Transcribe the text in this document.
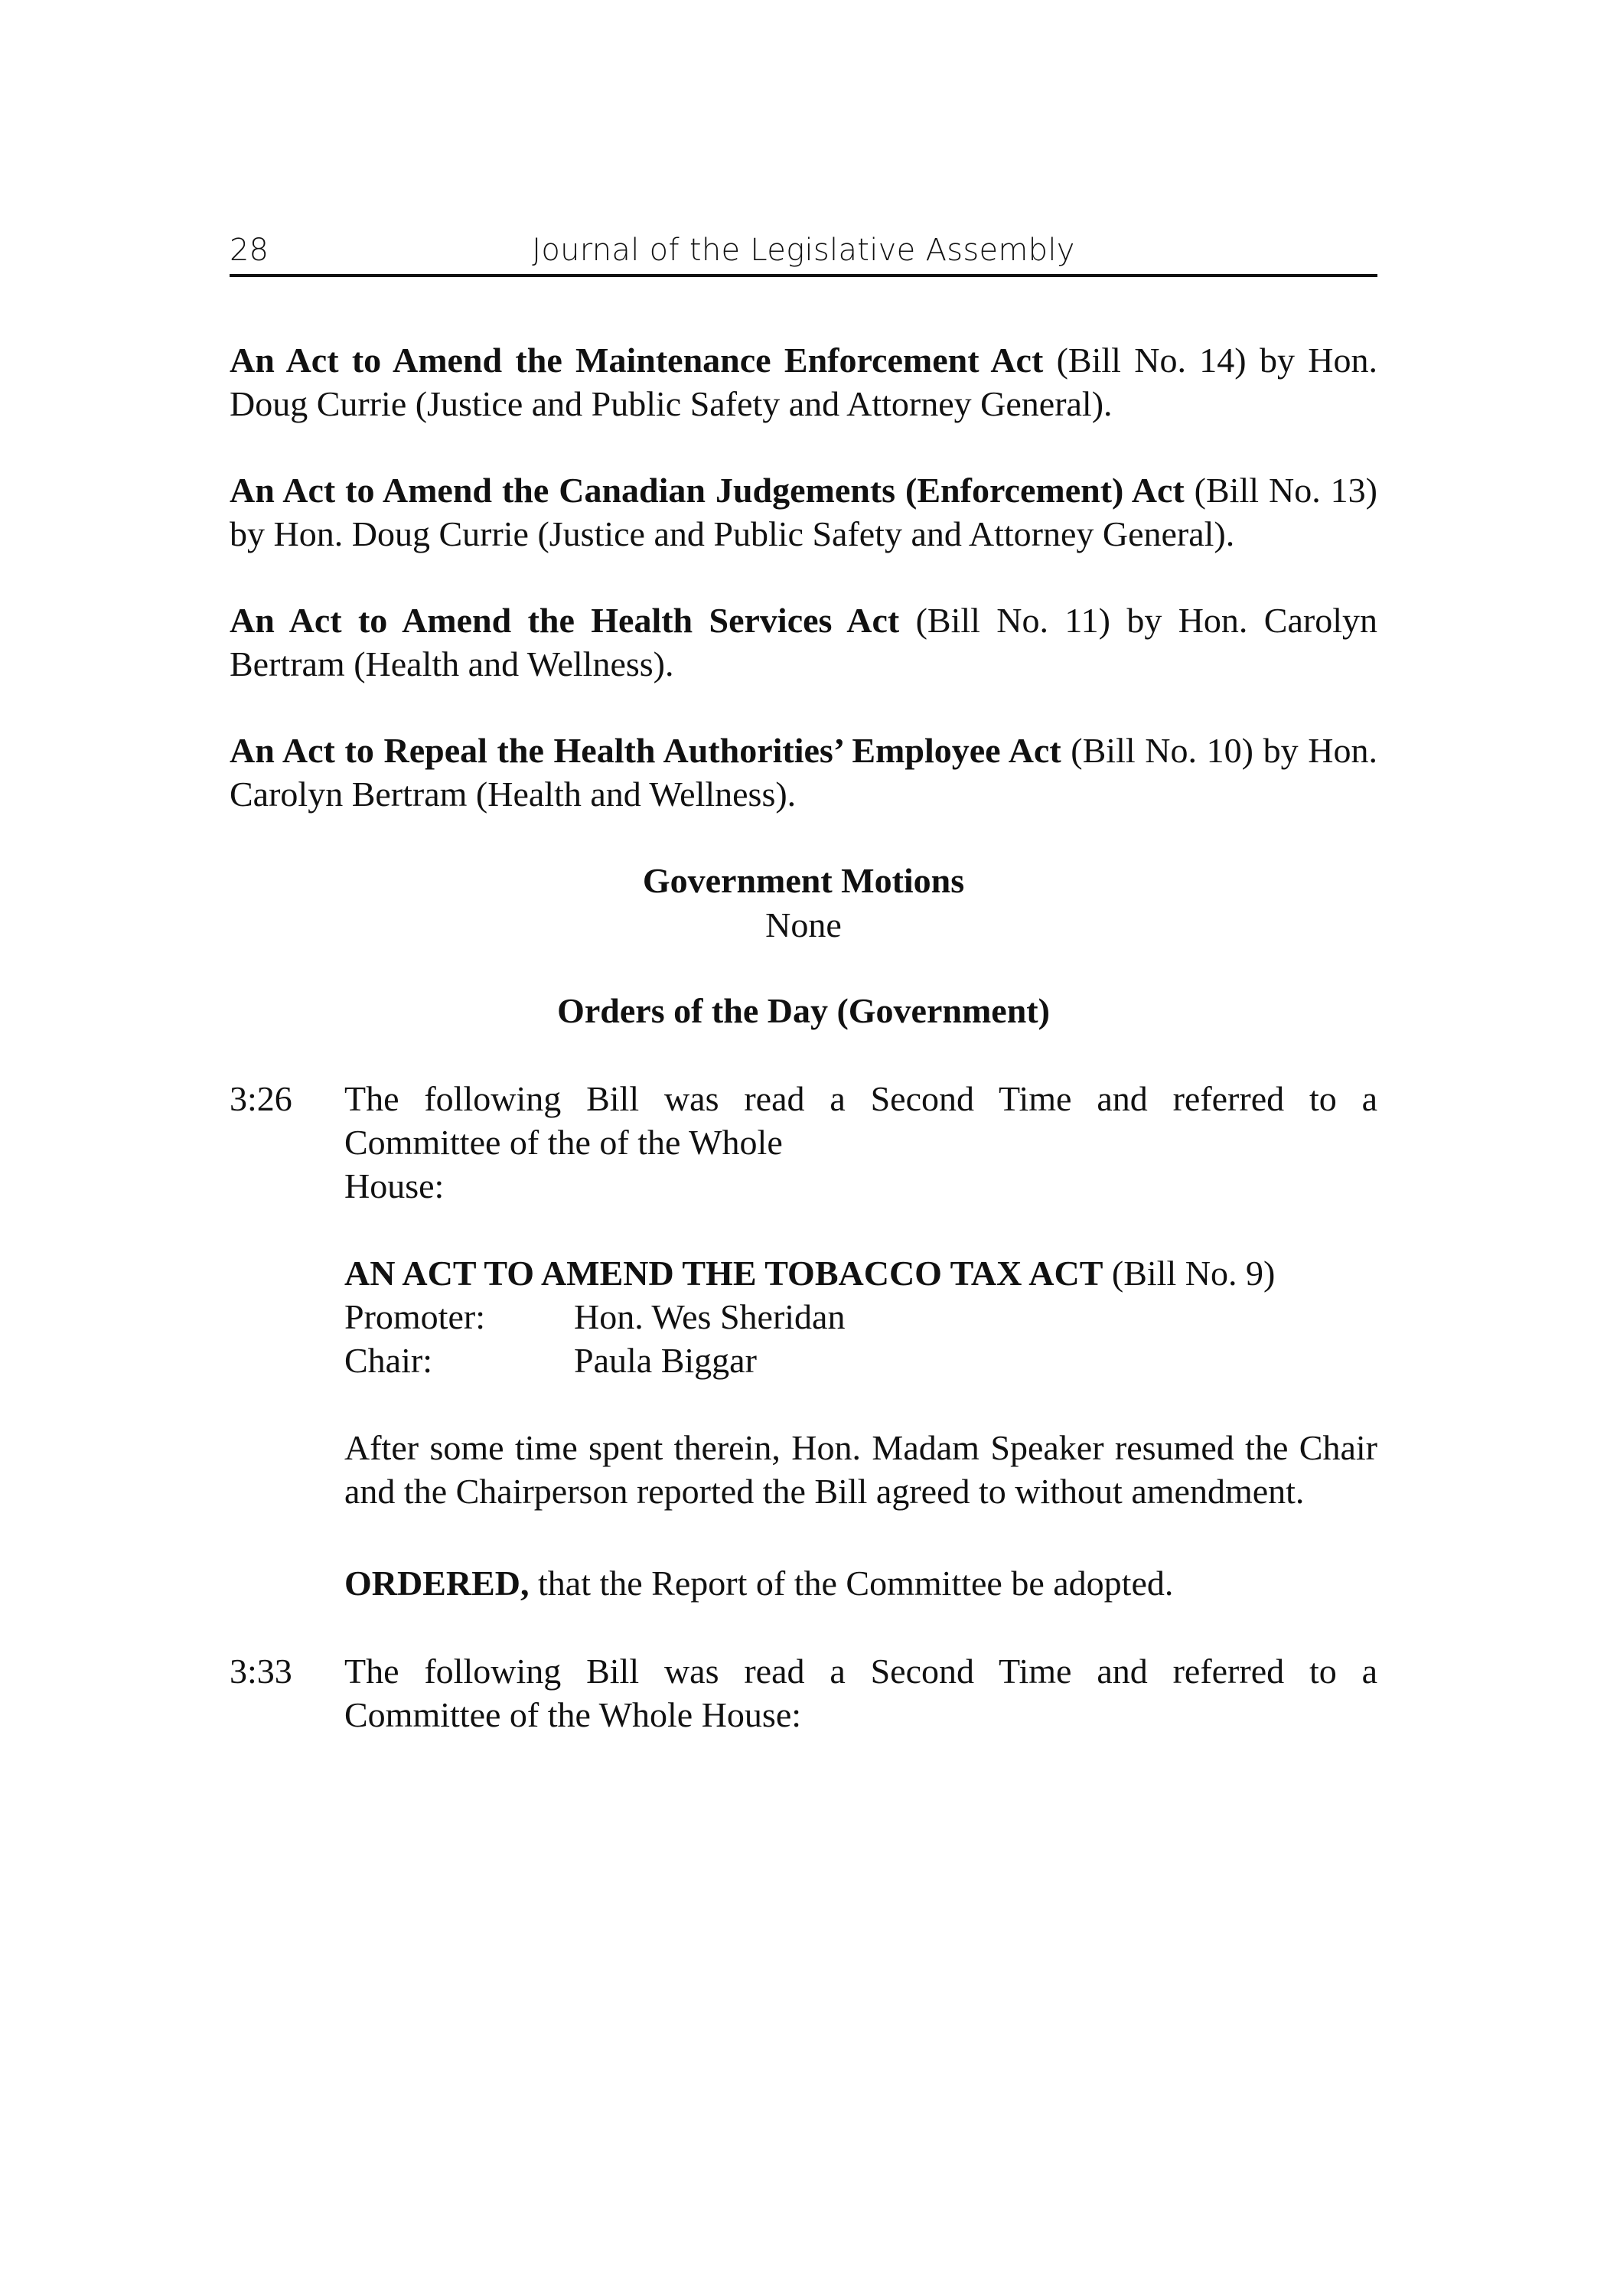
28	Journal of the Legislative Assembly

An Act to Amend the Maintenance Enforcement Act (Bill No. 14) by Hon. Doug Currie (Justice and Public Safety and Attorney General).

An Act to Amend the Canadian Judgements (Enforcement) Act (Bill No. 13) by Hon. Doug Currie (Justice and Public Safety and Attorney General).

An Act to Amend the Health Services Act (Bill No. 11) by Hon. Carolyn Bertram (Health and Wellness).

An Act to Repeal the Health Authorities’ Employee Act (Bill No. 10) by Hon. Carolyn Bertram (Health and Wellness).

Government Motions
None
Orders of the Day (Government)
3:26 The following Bill was read a Second Time and referred to a
Committee of the of the Whole
House:
AN ACT TO AMEND THE TOBACCO TAX ACT (Bill No. 9)
Promoter:	Hon. Wes Sheridan
Chair:	Paula Biggar
After some time spent therein, Hon. Madam Speaker resumed the Chair and the Chairperson reported the Bill agreed to without amendment.
ORDERED, that the Report of the Committee be adopted.
3:33 The following Bill was read a Second Time and referred to a
Committee of the Whole House:
